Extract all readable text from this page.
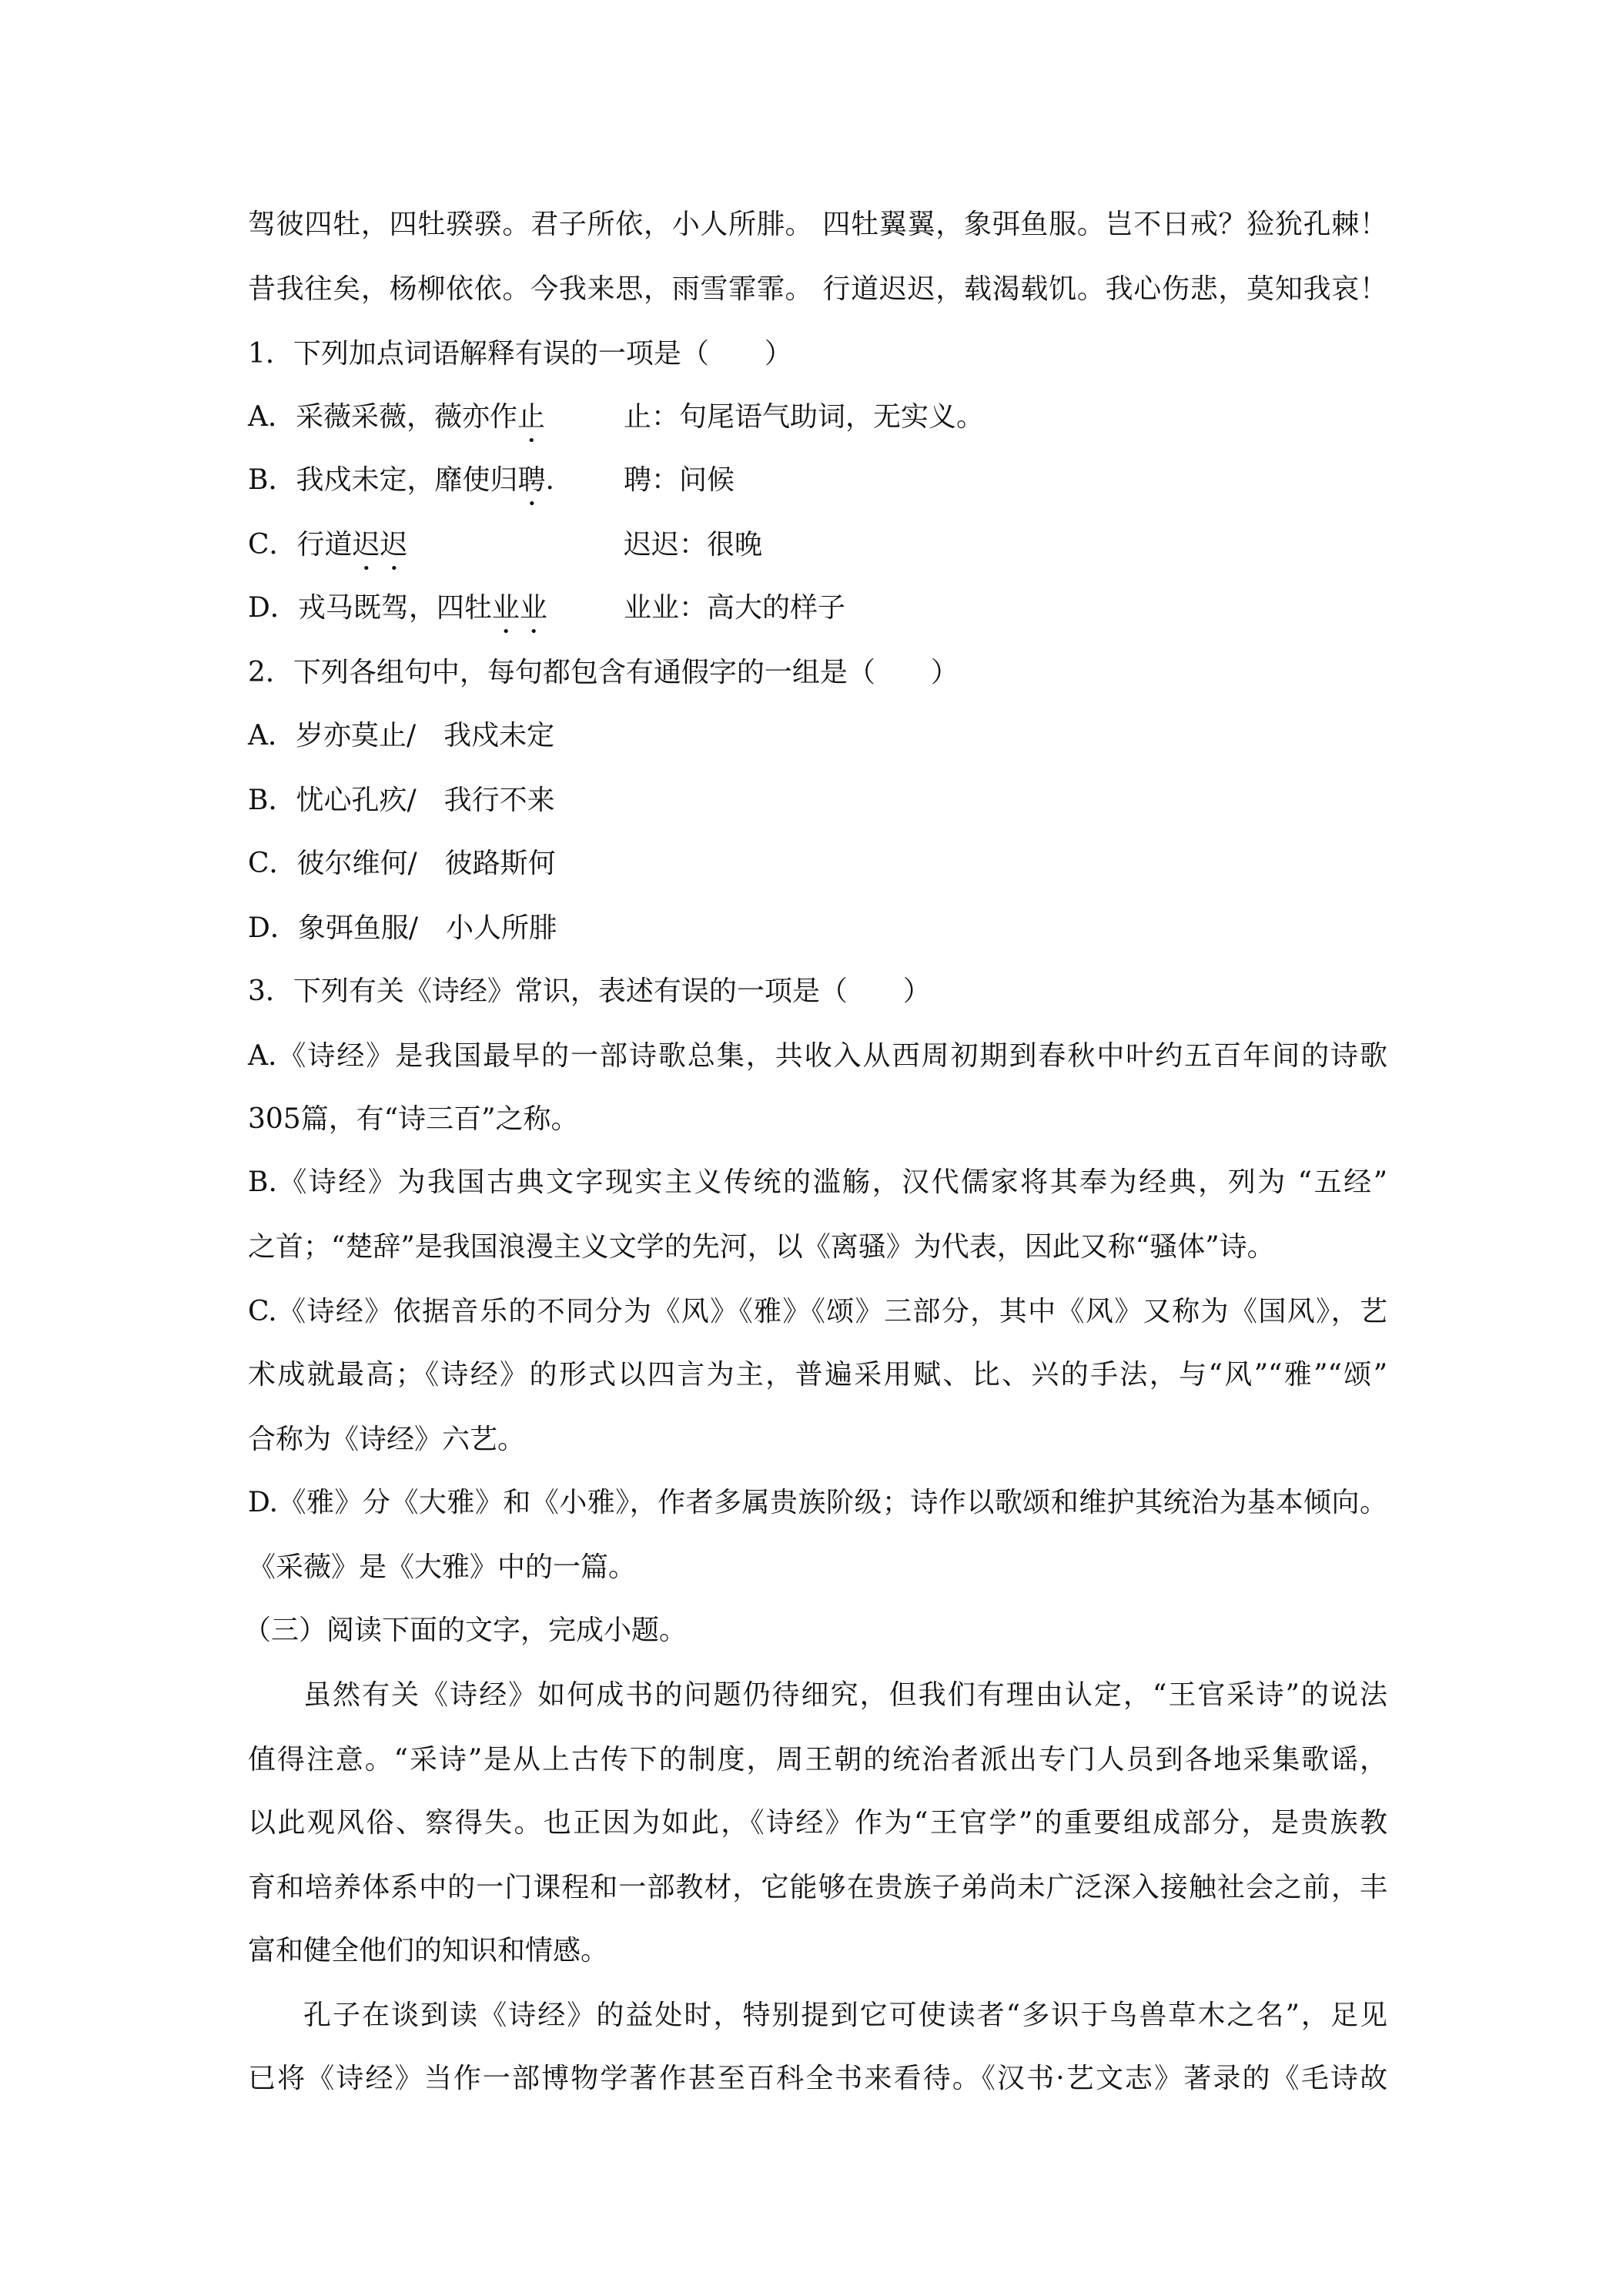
驾彼四牡，四牡骙骙。君子所依，小人所腓。 四牡翼翼，象弭鱼服。岂不日戒？猃狁孔棘！
昔我往矣，杨柳依依。今我来思，雨雪霏霏。 行道迟迟，载渴载饥。我心伤悲，莫知我哀！
1．下列加点词语解释有误的一项是（　　）
A．采薇采薇，薇亦作止	止：句尾语气助词，无实义。
B．我戍未定，靡使归聘.	聘：问候
C．行道迟迟	迟迟：很晚
D．戎马既驾，四牡业业	业业：高大的样子
2．下列各组句中，每句都包含有通假字的一组是（　　）
A．岁亦莫止/　我戍未定
B．忧心孔疚/　我行不来
C．彼尔维何/　彼路斯何
D．象弭鱼服/　小人所腓
3．下列有关《诗经》常识，表述有误的一项是（　　）
A.《诗经》是我国最早的一部诗歌总集，共收入从西周初期到春秋中叶约五百年间的诗歌
305篇，有“诗三百”之称。
B.《诗经》为我国古典文字现实主义传统的滥觞，汉代儒家将其奉为经典，列为 “五经”
之首；“楚辞”是我国浪漫主义文学的先河，以《离骚》为代表，因此又称“骚体”诗。
C.《诗经》依据音乐的不同分为《风》《雅》《颂》三部分，其中《风》又称为《国风》，艺
术成就最高；《诗经》的形式以四言为主，普遍采用赋、比、兴的手法，与“风”“雅”“颂”
合称为《诗经》六艺。
D.《雅》分《大雅》和《小雅》，作者多属贵族阶级；诗作以歌颂和维护其统治为基本倾向。
《采薇》是《大雅》中的一篇。
（三）阅读下面的文字，完成小题。
虽然有关《诗经》如何成书的问题仍待细究，但我们有理由认定，“王官采诗”的说法
值得注意。“采诗”是从上古传下的制度，周王朝的统治者派出专门人员到各地采集歌谣，
以此观风俗、察得失。也正因为如此，《诗经》作为“王官学”的重要组成部分，是贵族教
育和培养体系中的一门课程和一部教材，它能够在贵族子弟尚未广泛深入接触社会之前，丰
富和健全他们的知识和情感。
孔子在谈到读《诗经》的益处时，特别提到它可使读者“多识于鸟兽草木之名”，足见
已将《诗经》当作一部博物学著作甚至百科全书来看待。《汉书·艺文志》著录的《毛诗故
